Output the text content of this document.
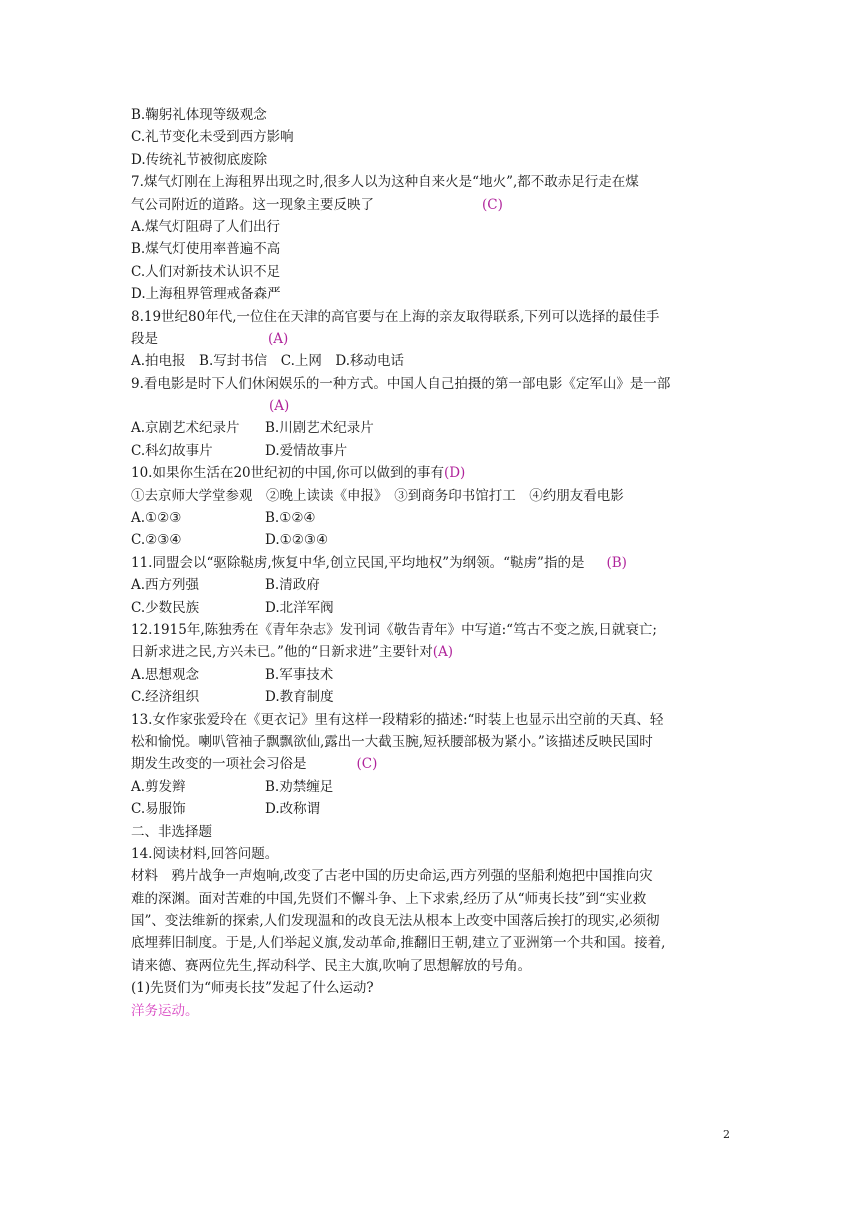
B.鞠躬礼体现等级观念
C.礼节变化未受到西方影响
D.传统礼节被彻底废除
7.煤气灯刚在上海租界出现之时,很多人以为这种自来火是“地火”,都不敢赤足行走在煤
气公司附近的道路。这一现象主要反映了	(C)
A.煤气灯阻碍了人们出行
B.煤气灯使用率普遍不高
C.人们对新技术认识不足
D.上海租界管理戒备森严
8.19世纪80年代,一位住在天津的高官要与在上海的亲友取得联系,下列可以选择的最佳手
段是	(A)
A.拍电报　B.写封书信　C.上网　D.移动电话
9.看电影是时下人们休闲娱乐的一种方式。中国人自己拍摄的第一部电影《定军山》是一部
(A)
A.京剧艺术纪录片 B.川剧艺术纪录片
C.科幻故事片	D.爱情故事片
10.如果你生活在20世纪初的中国,你可以做到的事有(D)
①去京师大学堂参观　②晚上读读《申报》　③到商务印书馆打工　④约朋友看电影
A.①②③	B.①②④
C.②③④	D.①②③④
11.同盟会以“驱除鞑虏,恢复中华,创立民国,平均地权”为纲领。“鞑虏”指的是 (B)
A.西方列强	B.清政府
C.少数民族	D.北洋军阀
12.1915年,陈独秀在《青年杂志》发刊词《敬告青年》中写道:“笃古不变之族,日就衰亡;
日新求进之民,方兴未已。”他的“日新求进”主要针对(A)
A.思想观念	B.军事技术
C.经济组织	D.教育制度
13.女作家张爱玲在《更衣记》里有这样一段精彩的描述:“时装上也显示出空前的天真、轻
松和愉悦。喇叭管袖子飘飘欲仙,露出一大截玉腕,短袄腰部极为紧小。”该描述反映民国时
期发生改变的一项社会习俗是	(C)
A.剪发辫	B.劝禁缠足
C.易服饰	D.改称谓
二、非选择题
14.阅读材料,回答问题。
材料　鸦片战争一声炮响,改变了古老中国的历史命运,西方列强的坚船利炮把中国推向灾
难的深渊。面对苦难的中国,先贤们不懈斗争、上下求索,经历了从“师夷长技”到“实业救
国”、变法维新的探索,人们发现温和的改良无法从根本上改变中国落后挨打的现实,必须彻
底埋葬旧制度。于是,人们举起义旗,发动革命,推翻旧王朝,建立了亚洲第一个共和国。接着,
请来德、赛两位先生,挥动科学、民主大旗,吹响了思想解放的号角。
(1)先贤们为“师夷长技”发起了什么运动?
洋务运动。
2
